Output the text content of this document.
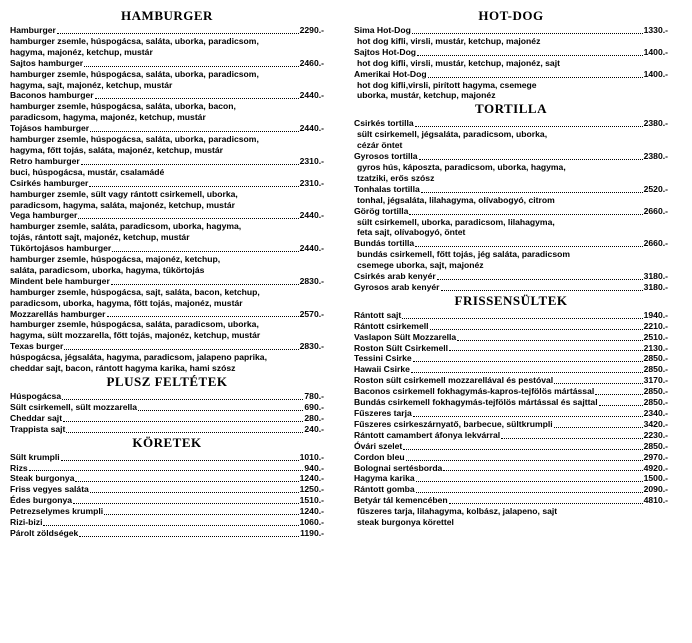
HAMBURGER
Hamburger	2290.-
hamburger zsemle, húspogácsa, saláta, uborka, paradicsom,
hagyma, majonéz, ketchup, mustár
Sajtos hamburger	2460.-
hamburger zsemle, húspogácsa, saláta, uborka, paradicsom,
hagyma, sajt, majonéz, ketchup, mustár
Baconos hamburger	2440.-
hamburger zsemle, húspogácsa, saláta, uborka, bacon,
paradicsom, hagyma, majonéz, ketchup, mustár
Tojásos hamburger	2440.-
hamburger zsemle, húspogácsa, saláta, uborka, paradicsom,
hagyma, főtt tojás, saláta, majonéz, ketchup, mustár
Retro hamburger	2310.-
buci, húspogácsa, mustár, csalamádé
Csirkés hamburger	2310.-
hamburger zsemle, sült vagy rántott csirkemell, uborka,
paradicsom, hagyma, saláta, majonéz, ketchup, mustár
Vega hamburger	2440.-
hamburger zsemle, saláta, paradicsom, uborka, hagyma,
tojás, rántott sajt, majonéz, ketchup, mustár
Tükörtojásos hamburger	2440.-
hamburger zsemle, húspogácsa, majonéz, ketchup,
saláta, paradicsom, uborka, hagyma, tükörtojás
Mindent bele hamburger	2830.-
hamburger zsemle, húspogácsa, sajt, saláta, bacon, ketchup,
paradicsom, uborka, hagyma, főtt tojás, majonéz, mustár
Mozzarellás hamburger	2570.-
hamburger zsemle, húspogácsa, saláta, paradicsom, uborka,
hagyma, sült mozzarella, főtt tojás, majonéz, ketchup, mustár
Texas burger	2830.-
húspogácsa, jégsaláta, hagyma, paradicsom, jalapeno paprika,
cheddar sajt, bacon, rántott hagyma karika, hami szósz
PLUSZ FELTÉTEK
Húspogácsa	780.-
Sült csirkemell, sült mozzarella	690.-
Cheddar sajt	280.-
Trappista sajt	240.-
KÖRETEK
Sült krumpli	1010.-
Rizs	940.-
Steak burgonya	1240.-
Friss vegyes saláta	1250.-
Édes burgonya	1510.-
Petrezselymes krumpli	1240.-
Rizi-bizi	1060.-
Párolt zöldségek	1190.-
HOT-DOG
Sima Hot-Dog	1330.-
hot dog kifli, virsli, mustár, ketchup, majonéz
Sajtos Hot-Dog	1400.-
hot dog kifli, virsli, mustár, ketchup, majonéz, sajt
Amerikai Hot-Dog	1400.-
hot dog kifli,virsli, pirított hagyma, csemege
uborka, mustár, ketchup, majonéz
TORTILLA
Csirkés tortilla	2380.-
sült csirkemell, jégsaláta, paradicsom, uborka,
cézár öntet
Gyrosos tortilla	2380.-
gyros hús, káposzta, paradicsom, uborka, hagyma,
tzatziki, erős szósz
Tonhalas tortilla	2520.-
tonhal, jégsaláta, lilahagyma, olívabogyó, citrom
Görög tortilla	2660.-
sült csirkemell, uborka, paradicsom, lilahagyma,
feta sajt, olívabogyó, öntet
Bundás tortilla	2660.-
bundás csirkemell, főtt tojás, jég saláta, paradicsom
csemege uborka, sajt, majonéz
Csirkés arab kenyér	3180.-
Gyrosos arab kenyér	3180.-
FRISSENSÜLTEK
Rántott sajt	1940.-
Rántott csirkemell	2210.-
Vaslapon Sült Mozzarella	2510.-
Roston Sült Csirkemell	2130.-
Tessini Csirke	2850.-
Hawaii Csirke	2850.-
Roston sült csirkemell mozzarellával és pestóval	3170.-
Baconos csirkemell fokhagymás-kapros-tejfölös mártással	2850.-
Bundás csirkemell fokhagymás-tejfölös mártással és sajttal	2850.-
Fűszeres tarja	2340.-
Fűszeres csirkeszárnyatő, barbecue, sültkrumpli	3420.-
Rántott camambert áfonya lekvárral	2230.-
Óvári szelet	2850.-
Cordon bleu	2970.-
Bolognai sertésborda	4920.-
Hagyma karika	1500.-
Rántott gomba	2090.-
Betyár tál kemencében	4810.-
fűszeres tarja, lilahagyma, kolbász, jalapeno, sajt
steak burgonya körettel
